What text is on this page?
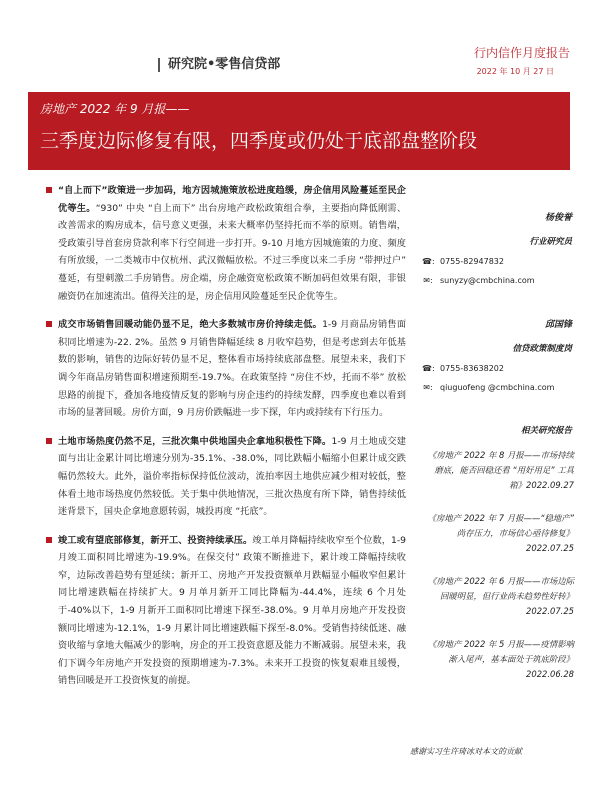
研究院•零售信贷部
行内信作月度报告
2022 年 10 月 27 日
房地产 2022 年 9 月报——
三季度边际修复有限，四季度或仍处于底部盘整阶段

“自上而下”政策进一步加码，地方因城施策放松进度趋缓，房企信用风险蔓延至民企优等生。“930” 中央 “自上而下” 出台房地产政松政策组合拳，主要指向降低刚需、改善需求的购房成本，信号意义更强，未来大概率仍坚持托而不举的原则。销售端，受政策引导首套房贷款利率下行空间进一步打开。9-10 月地方因城施策的力度、频度有所放缓，一二类城市中仅杭州、武汉微幅放松。不过三季度以来二手房 “带押过户” 蔓延，有望刺激二手房销售。房企端，房企融资宽松政策不断加码但效果有限，非银融资仍在加速流出。值得关注的是，房企信用风险蔓延至民企优等生。

成交市场销售回暖动能仍显不足，绝大多数城市房价持续走低。1-9 月商品房销售面积同比增速为-22. 2%。虽然 9 月销售降幅延续 8 月收窄趋势，但是考虑到去年低基数的影响，销售的边际好转仍显不足，整体看市场持续底部盘整。展望未来，我们下调今年商品房销售面积增速预期至-19.7%。在政策坚持 “房住不炒，托而不举” 放松思路的前提下，叠加各地疫情反复的影响与房企违约的持续发酵，四季度也难以看到市场的显著回暖。房价方面，9 月房价跌幅进一步下探，年内或持续有下行压力。

土地市场热度仍然不足，三批次集中供地国央企拿地积极性下降。1-9 月土地成交建面与出让金累计同比增速分别为-35.1%、-38.0%，同比跌幅小幅缩小但累计成交跌幅仍然较大。此外，溢价率指标保持低位波动，流拍率因土地供应减少相对较低，整体看土地市场热度仍然较低。关于集中供地情况，三批次热度有所下降，销售持续低迷背景下，国央企拿地意愿转弱，城投再度 “托底”。

竣工或有望底部修复，新开工、投资持续承压。竣工单月降幅持续收窄至个位数，1-9 月竣工面积同比增速为-19.9%。在保交付” 政策不断推进下，累计竣工降幅持续收窄，边际改善趋势有望延续；新开工、房地产开发投资额单月跌幅显小幅收窄但累计同比增速跌幅在持续扩大。9 月单月新开工同比降幅为-44.4%，连续 6 个月处于-40%以下，1-9 月新开工面积同比增速下探至-38.0%。9 月单月房地产开发投资额同比增速为-12.1%，1-9 月累计同比增速跌幅下探至-8.0%。受销售持续低迷、融资收缩与拿地大幅减少的影响，房企的开工投资意愿及能力不断减弱。展望未来，我们下调今年房地产开发投资的预期增速为-7.3%。未来开工投资的恢复艰难且缓慢，销售回暖是开工投资恢复的前提。

杨俊誉
行业研究员
☎: 0755-82947832
✉: sunyzy@cmbchina.com
邱国锋
信贷政策制度岗
☎: 0755-83638202
✉: qiuguofeng @cmbchina.com
相关研究报告
《房地产 2022 年 8 月报——市场持续磨底，能否回稳还看 “用好用足” 工具箱》2022.09.27
《房地产 2022 年 7 月报——“稳地产” 尚存压力，市场信心亟待修复》2022.07.25
《房地产 2022 年 6 月报——市场边际回暖明显，但行业尚未趋势性好转》2022.07.25
《房地产 2022 年 5 月报——疫情影响渐入尾声，基本面处于筑底阶段》2022.06.28
感谢实习生许琦冰对本文的贡献
